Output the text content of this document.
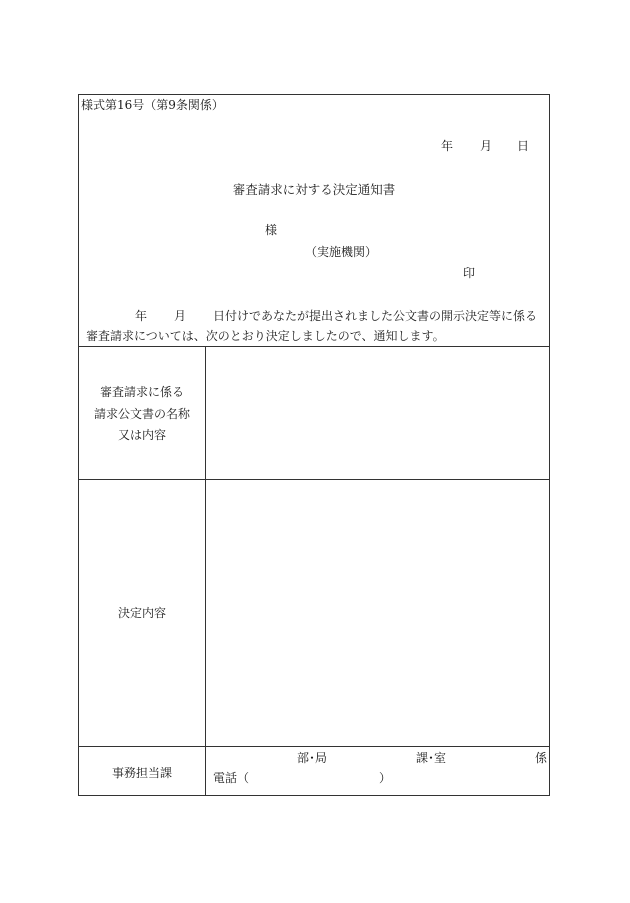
様式第16号（第9条関係）
年 月 日
審査請求に対する決定通知書
様
（実施機関）
印
年 月 日付けであなたが提出されました公文書の開示決定等に係る
審査請求については、次のとおり決定しましたので、通知します。
審査請求に係る
請求公文書の名称
又は内容
決定内容
事務担当課
部･局	課･室	係
電話（	）
